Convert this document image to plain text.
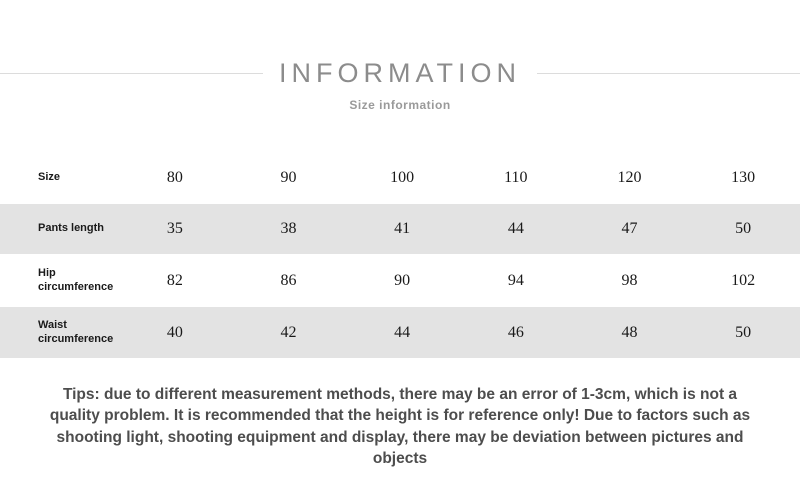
INFORMATION
Size information
Size	80	90	100	110	120	130
Pants length	35	38	41	44	47	50
Hip circumference	82	86	90	94	98	102
Waist circumference	40	42	44	46	48	50
Tips: due to different measurement methods, there may be an error of 1-3cm, which is not a quality problem. It is recommended that the height is for reference only! Due to factors such as shooting light, shooting equipment and display, there may be deviation between pictures and objects
